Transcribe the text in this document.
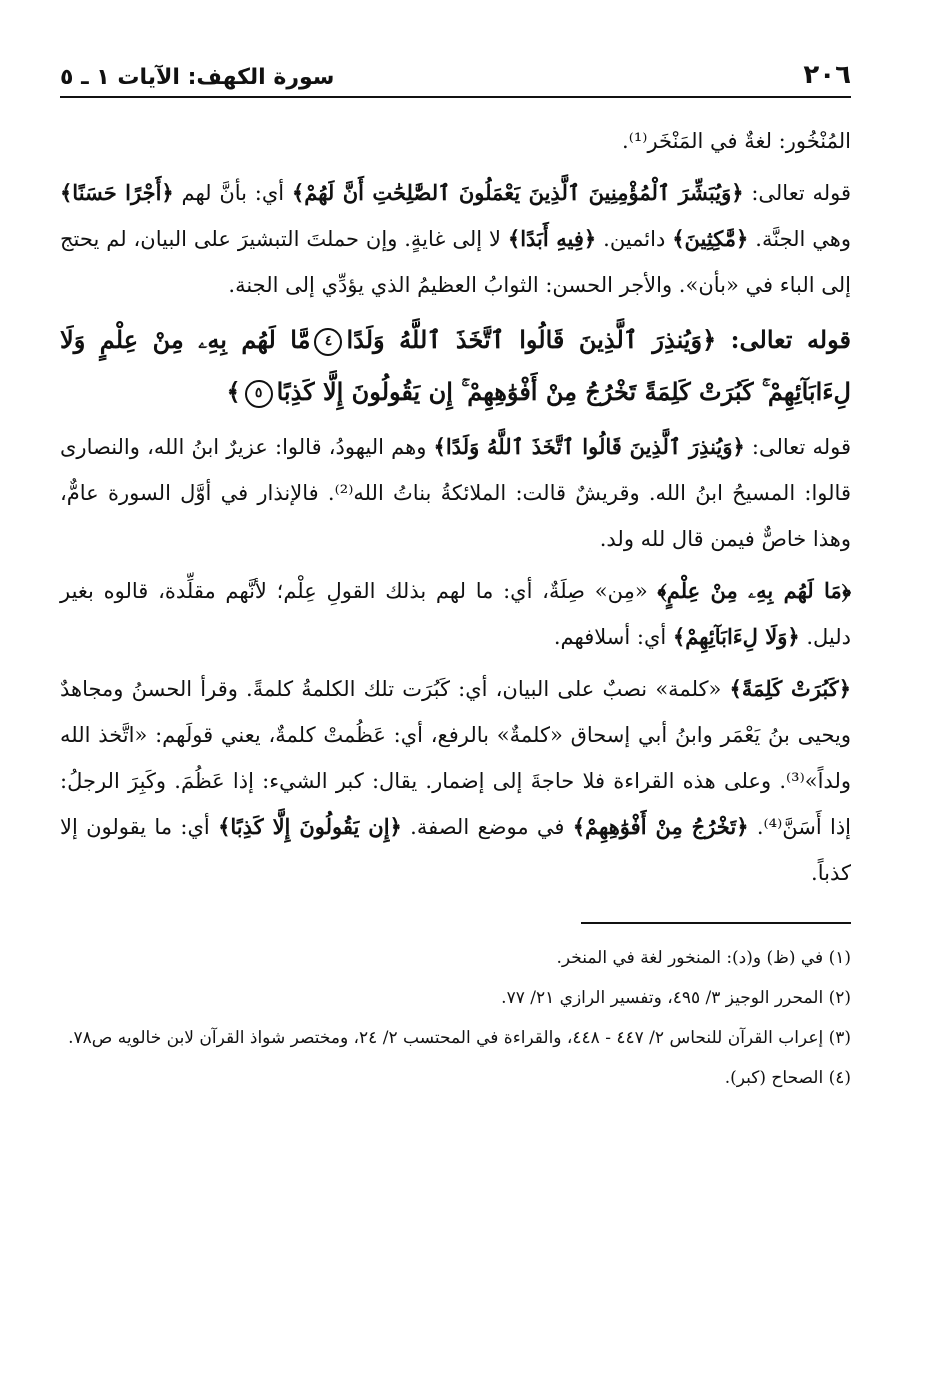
٢٠٦
سورة الكهف: الآيات ١ ـ ٥

المُنْخُور: لغةٌ في المَنْخَر⁽¹⁾.

قوله تعالى: ﴿وَيُبَشِّرَ ٱلْمُؤْمِنِينَ ٱلَّذِينَ يَعْمَلُونَ ٱلصَّٰلِحَٰتِ أَنَّ لَهُمْ﴾ أي: بأنَّ لهم ﴿أَجْرًا حَسَنًا﴾ وهي الجنَّة. ﴿مَّٰكِثِينَ﴾ دائمين. ﴿فِيهِ أَبَدًا﴾ لا إلى غايةٍ. وإن حملتَ التبشيرَ على البيان، لم يحتج إلى الباء في «بأن». والأجر الحسن: الثوابُ العظيمُ الذي يؤدِّي إلى الجنة.

قوله تعالى: ﴿وَيُنذِرَ ٱلَّذِينَ قَالُوا ٱتَّخَذَ ٱللَّهُ وَلَدًا٤مَّا لَهُم بِهِۦ مِنْ عِلْمٍ وَلَا لِءَابَآئِهِمْ ۚ كَبُرَتْ كَلِمَةً تَخْرُجُ مِنْ أَفْوَٰهِهِمْ ۚ إِن يَقُولُونَ إِلَّا كَذِبًا٥﴾

قوله تعالى: ﴿وَيُنذِرَ ٱلَّذِينَ قَالُوا ٱتَّخَذَ ٱللَّهُ وَلَدًا﴾ وهم اليهودُ، قالوا: عزيرٌ ابنُ الله، والنصارى قالوا: المسيحُ ابنُ الله. وقريشٌ قالت: الملائكةُ بناتُ الله⁽²⁾. فالإنذار في أوَّل السورة عامٌّ، وهذا خاصٌّ فيمن قال لله ولد.

﴿مَا لَهُم بِهِۦ مِنْ عِلْمٍ﴾ «مِن» صِلَةٌ، أي: ما لهم بذلك القولِ عِلْم؛ لأنَّهم مقلِّدة، قالوه بغير دليل. ﴿وَلَا لِءَابَآئِهِمْ﴾ أي: أسلافهم.

﴿كَبُرَتْ كَلِمَةً﴾ «كلمة» نصبٌ على البيان، أي: كَبُرَت تلك الكلمةُ كلمةً. وقرأ الحسنُ ومجاهدٌ ويحيى بنُ يَعْمَر وابنُ أبي إسحاق «كلمةٌ» بالرفع، أي: عَظُمتْ كلمةٌ، يعني قولَهم: «اتَّخذ الله ولداً»⁽³⁾. وعلى هذه القراءة فلا حاجةَ إلى إضمار. يقال: كبر الشيء: إذا عَظُمَ. وكَبِرَ الرجلُ: إذا أَسَنَّ⁽⁴⁾. ﴿تَخْرُجُ مِنْ أَفْوَٰهِهِمْ﴾ في موضع الصفة. ﴿إِن يَقُولُونَ إِلَّا كَذِبًا﴾ أي: ما يقولون إلا كذباً.

(١) في (ظ) و(د): المنخور لغة في المنخر.

(٢) المحرر الوجيز ٣/ ٤٩٥، وتفسير الرازي ٢١/ ٧٧.

(٣) إعراب القرآن للنحاس ٢/ ٤٤٧ - ٤٤٨، والقراءة في المحتسب ٢/ ٢٤، ومختصر شواذ القرآن لابن خالويه ص٧٨.

(٤) الصحاح (كبر).
